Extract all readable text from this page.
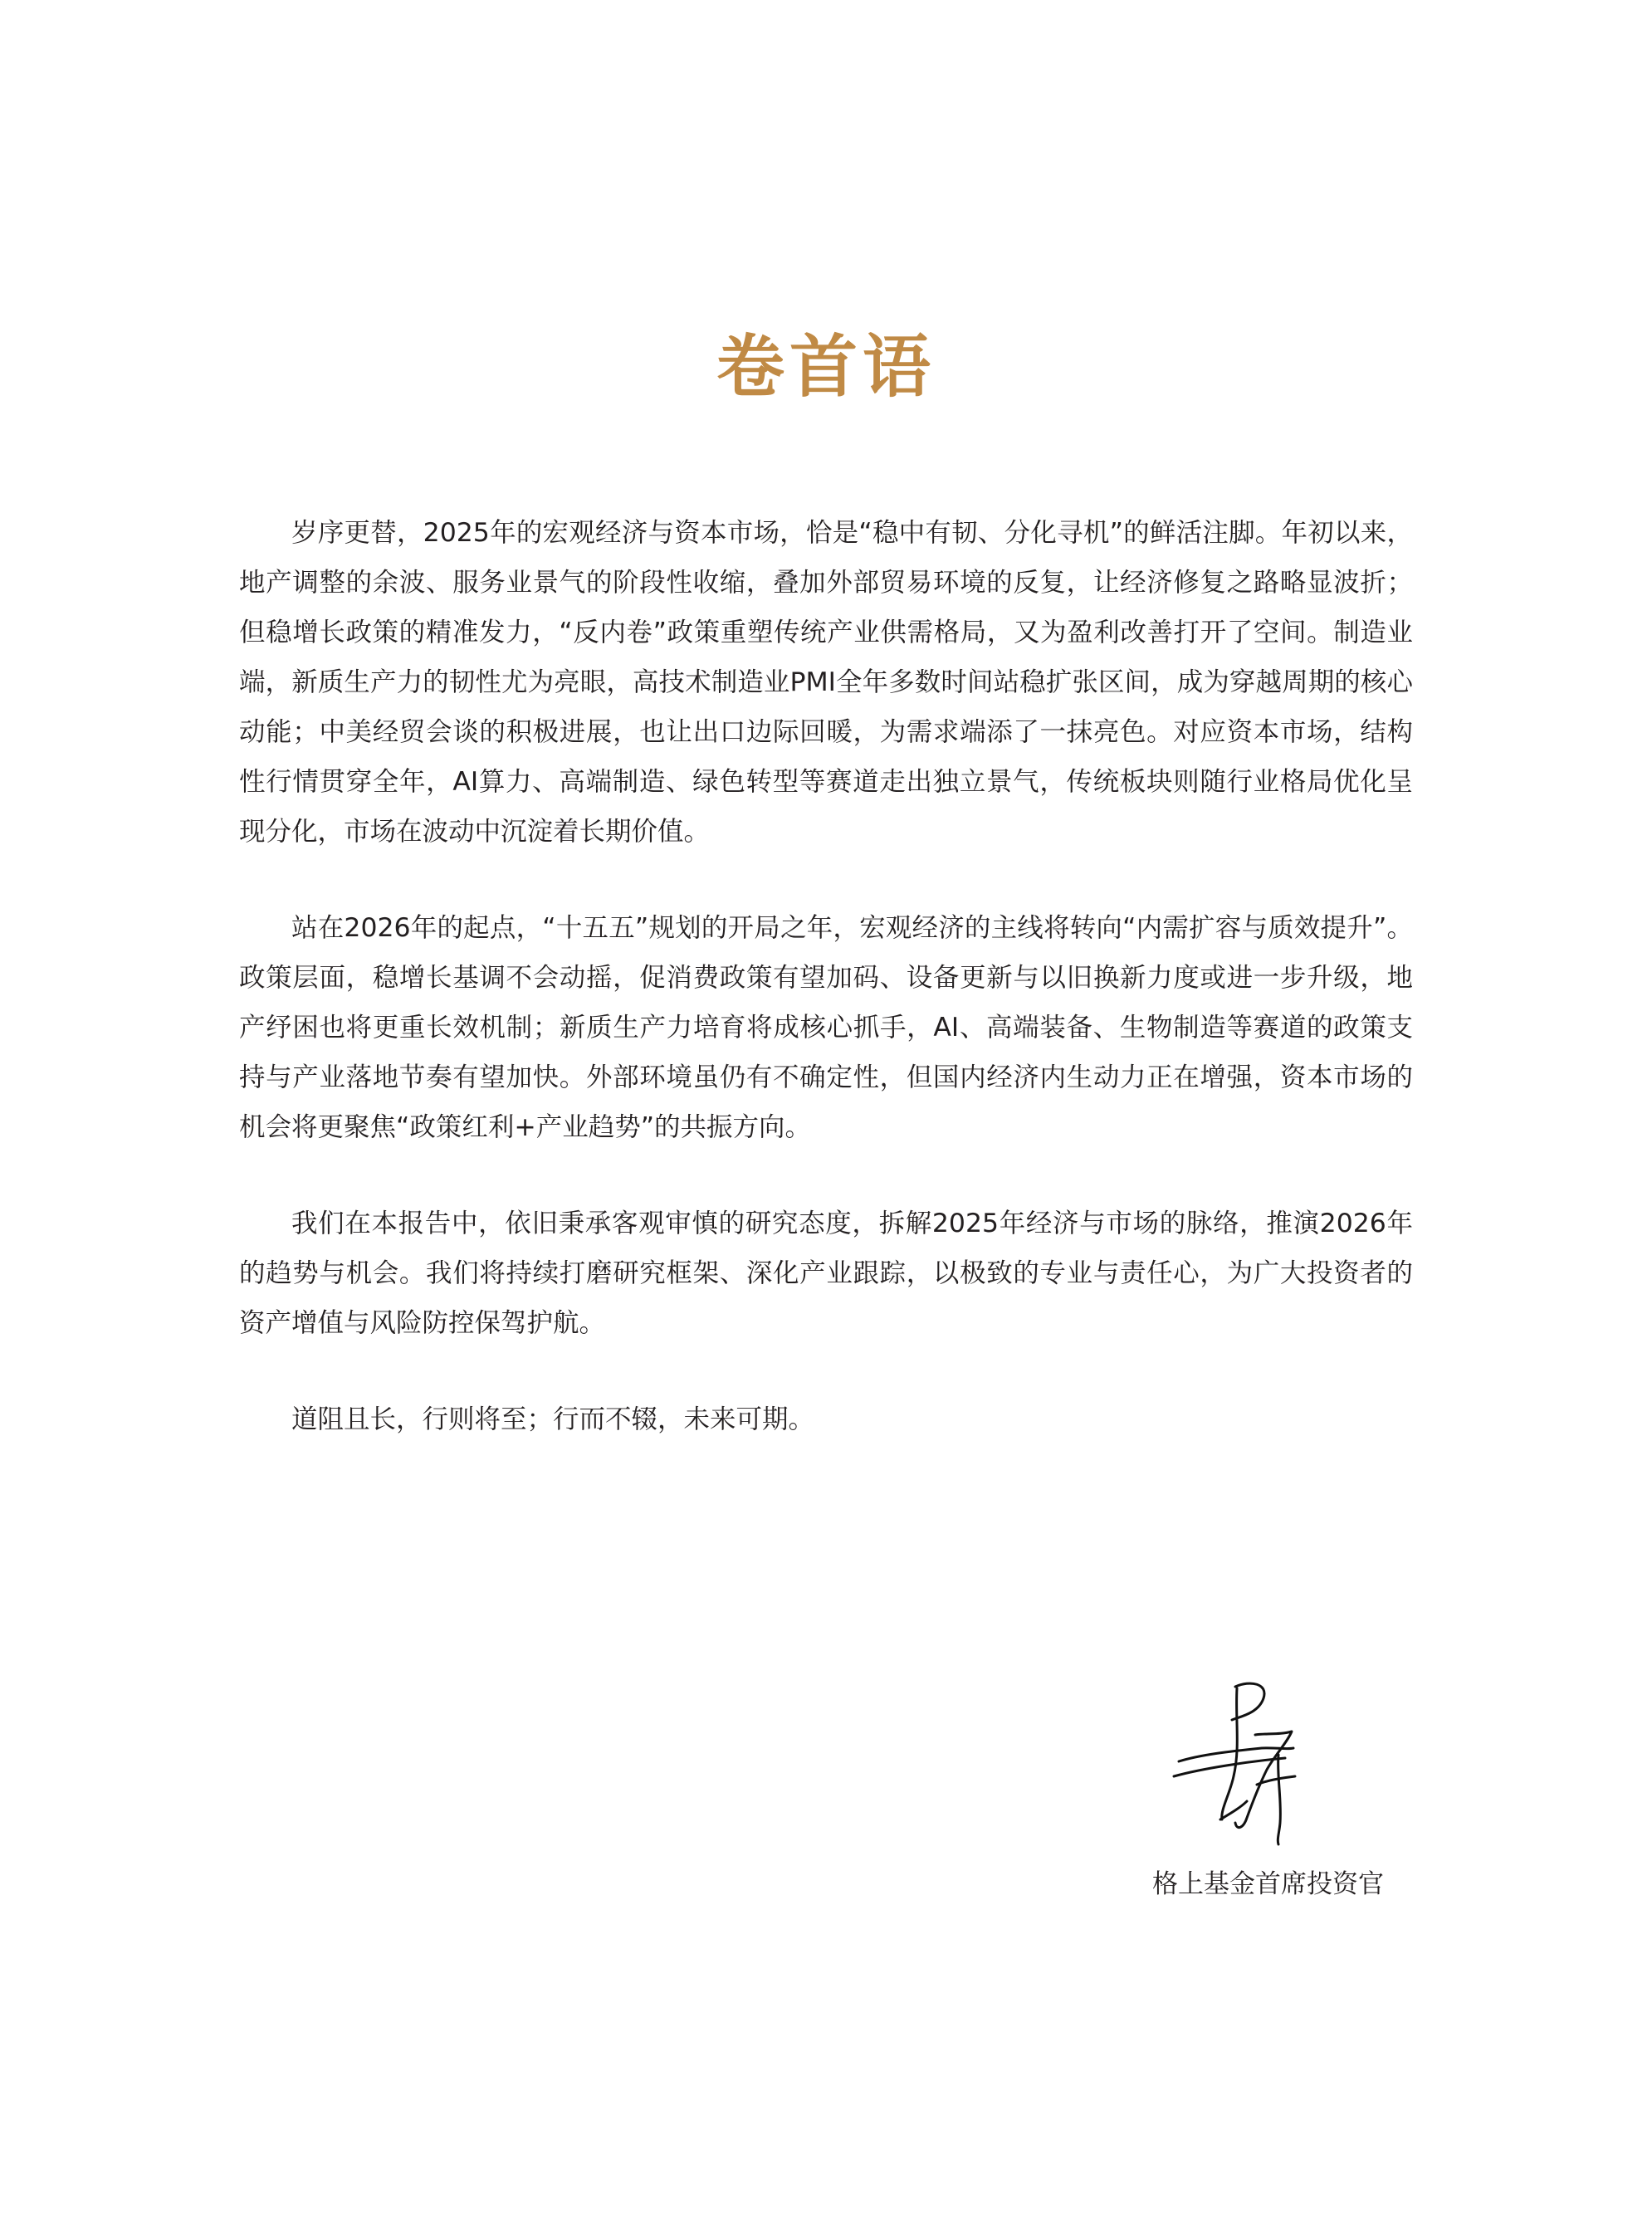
卷首语

岁序更替，2025年的宏观经济与资本市场，恰是“稳中有韧、分化寻机”的鲜活注脚。年初以来，地产调整的余波、服务业景气的阶段性收缩，叠加外部贸易环境的反复，让经济修复之路略显波折；但稳增长政策的精准发力，“反内卷”政策重塑传统产业供需格局，又为盈利改善打开了空间。制造业端，新质生产力的韧性尤为亮眼，高技术制造业PMI全年多数时间站稳扩张区间，成为穿越周期的核心动能；中美经贸会谈的积极进展，也让出口边际回暖，为需求端添了一抹亮色。对应资本市场，结构性行情贯穿全年，AI算力、高端制造、绿色转型等赛道走出独立景气，传统板块则随行业格局优化呈现分化，市场在波动中沉淀着长期价值。

站在2026年的起点，“十五五”规划的开局之年，宏观经济的主线将转向“内需扩容与质效提升”。政策层面，稳增长基调不会动摇，促消费政策有望加码、设备更新与以旧换新力度或进一步升级，地产纾困也将更重长效机制；新质生产力培育将成核心抓手，AI、高端装备、生物制造等赛道的政策支持与产业落地节奏有望加快。外部环境虽仍有不确定性，但国内经济内生动力正在增强，资本市场的机会将更聚焦“政策红利+产业趋势”的共振方向。

我们在本报告中，依旧秉承客观审慎的研究态度，拆解2025年经济与市场的脉络，推演2026年的趋势与机会。我们将持续打磨研究框架、深化产业跟踪，以极致的专业与责任心，为广大投资者的资产增值与风险防控保驾护航。

道阻且长，行则将至；行而不辍，未来可期。

格上基金首席投资官
